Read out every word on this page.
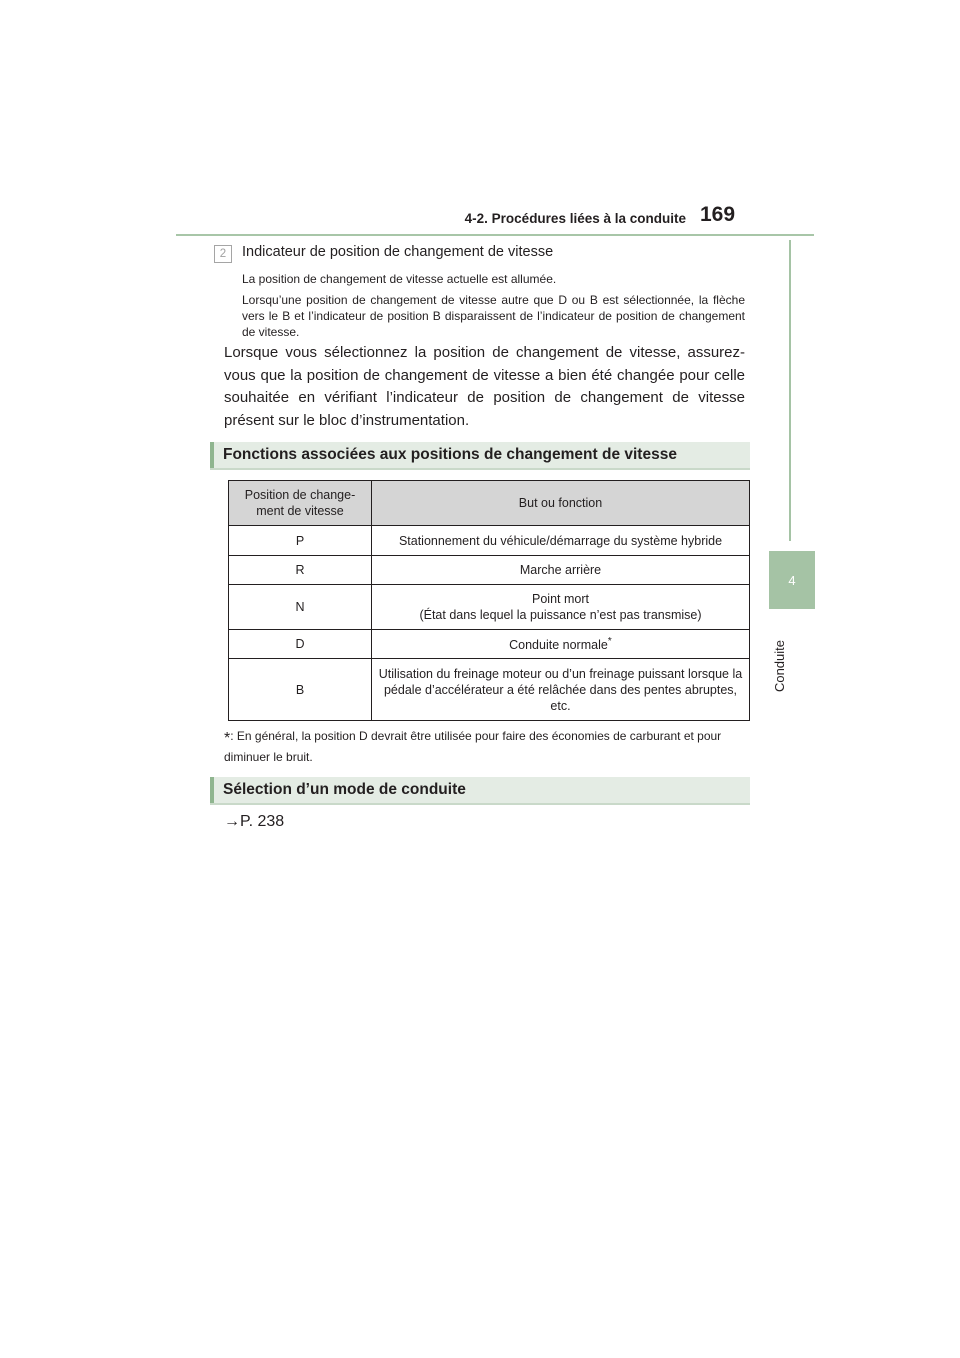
4-2. Procédures liées à la conduite 169
4
Conduite
2	Indicateur de position de changement de vitesse
La position de changement de vitesse actuelle est allumée.
Lorsqu’une position de changement de vitesse autre que D ou B est sélectionnée, la flèche vers le B et l’indicateur de position B disparaissent de l’indicateur de position de changement de vitesse.
Lorsque vous sélectionnez la position de changement de vitesse, assurez-vous que la position de changement de vitesse a bien été changée pour celle souhaitée en vérifiant l’indicateur de position de changement de vitesse présent sur le bloc d’instrumentation.
Fonctions associées aux positions de changement de vitesse
Position de change-ment de vitesse	But ou fonction
P	Stationnement du véhicule/démarrage du système hybride
R	Marche arrière
N	Point mort
(État dans lequel la puissance n’est pas transmise)

D	Conduite normale*
B	Utilisation du freinage moteur ou d’un freinage puissant lorsque la pédale d’accélérateur a été relâchée dans des pentes abruptes, etc.
*: En général, la position D devrait être utilisée pour faire des économies de carburant et pour diminuer le bruit.
Sélection d’un mode de conduite
→P. 238
